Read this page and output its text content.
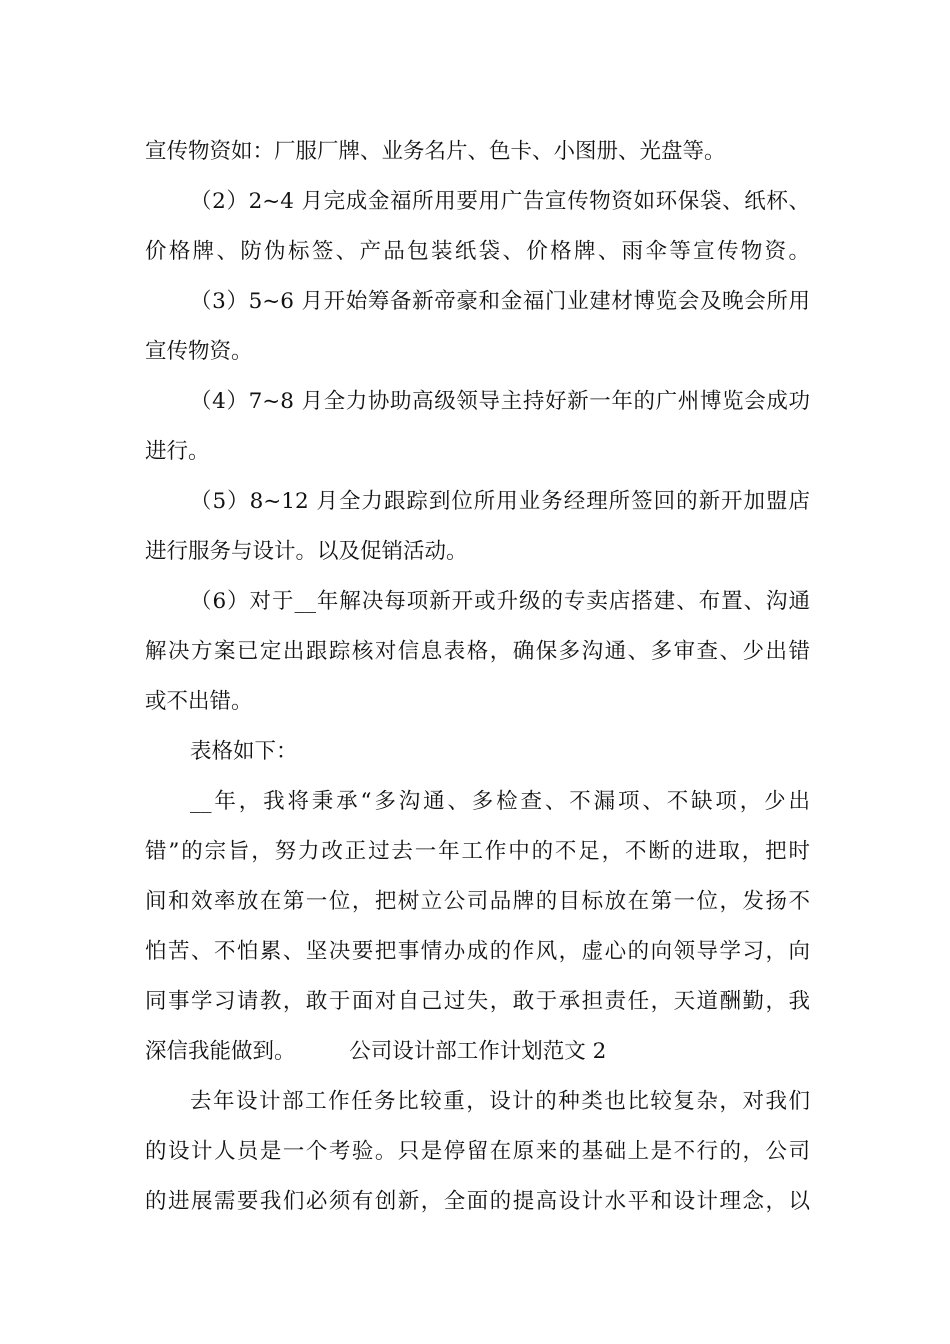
宣传物资如：厂服厂牌、业务名片、色卡、小图册、光盘等。
（2）2~4 月完成金福所用要用广告宣传物资如环保袋、纸杯、
价格牌、防伪标签、产品包装纸袋、价格牌、雨伞等宣传物资。
（3）5~6 月开始筹备新帝豪和金福门业建材博览会及晚会所用
宣传物资。
（4）7~8 月全力协助高级领导主持好新一年的广州博览会成功
进行。
（5）8~12 月全力跟踪到位所用业务经理所签回的新开加盟店
进行服务与设计。以及促销活动。
（6）对于__年解决每项新开或升级的专卖店搭建、布置、沟通
解决方案已定出跟踪核对信息表格，确保多沟通、多审查、少出错
或不出错。
表格如下：
__年，我将秉承“多沟通、多检查、不漏项、不缺项，少出
错”的宗旨，努力改正过去一年工作中的不足，不断的进取，把时
间和效率放在第一位，把树立公司品牌的目标放在第一位，发扬不
怕苦、不怕累、坚决要把事情办成的作风，虚心的向领导学习，向
同事学习请教，敢于面对自己过失，敢于承担责任，天道酬勤，我
深信我能做到。　　　公司设计部工作计划范文 2
去年设计部工作任务比较重，设计的种类也比较复杂，对我们
的设计人员是一个考验。只是停留在原来的基础上是不行的，公司
的进展需要我们必须有创新，全面的提高设计水平和设计理念，以
